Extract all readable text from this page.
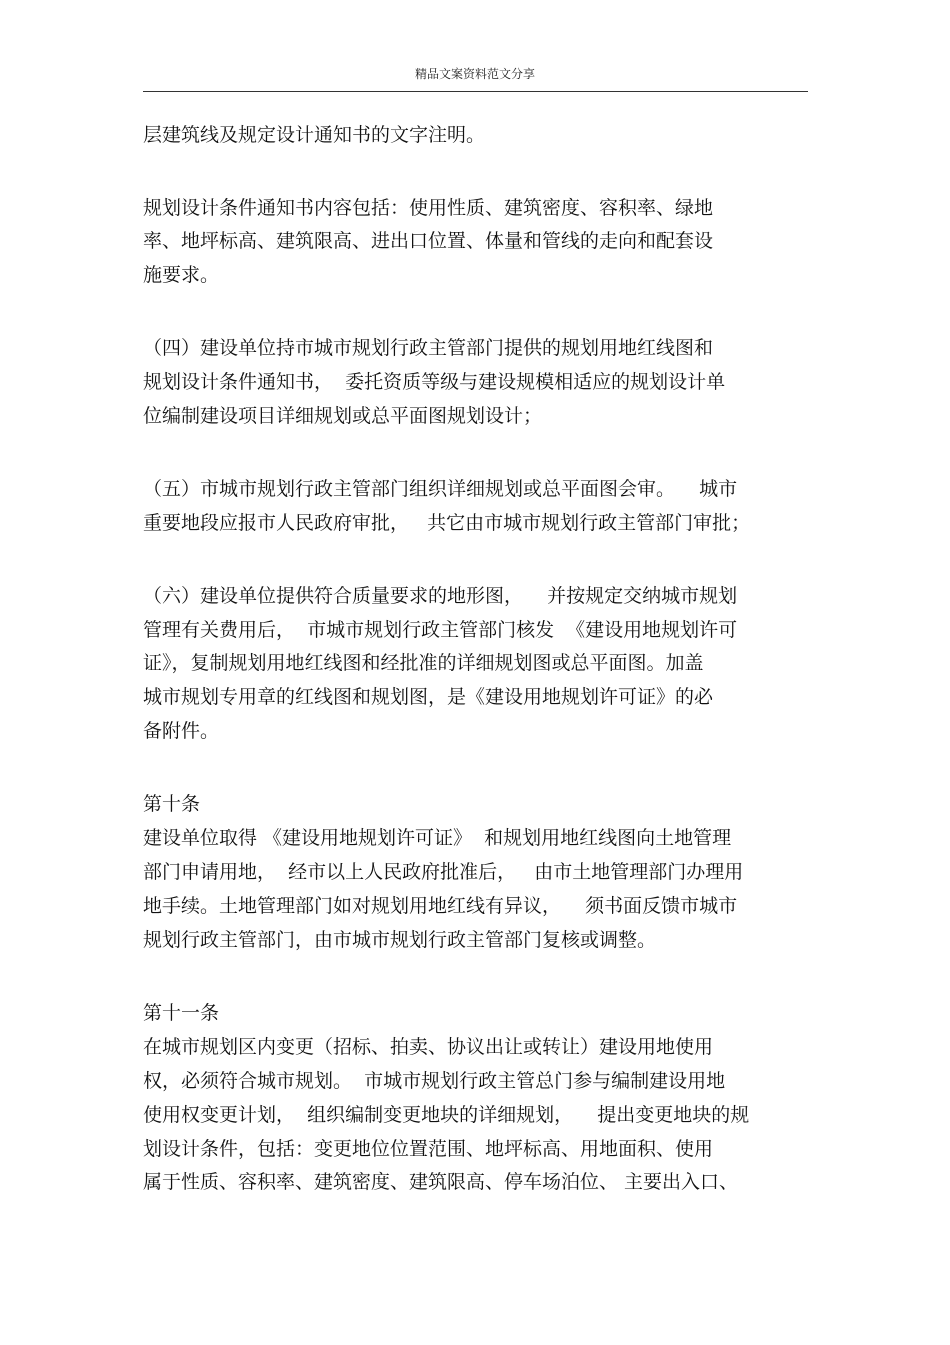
精品文案资料范文分享
层建筑线及规定设计通知书的文字注明。
规划设计条件通知书内容包括：使用性质、建筑密度、容积率、绿地
率、地坪标高、建筑限高、进出口位置、体量和管线的走向和配套设
施要求。
（四）建设单位持市城市规划行政主管部门提供的规划用地红线图和
规划设计条件通知书，  委托资质等级与建设规模相适应的规划设计单
位编制建设项目详细规划或总平面图规划设计；
（五）市城市规划行政主管部门组织详细规划或总平面图会审。    城市
重要地段应报市人民政府审批，   共它由市城市规划行政主管部门审批；
（六）建设单位提供符合质量要求的地形图，    并按规定交纳城市规划
管理有关费用后，  市城市规划行政主管部门核发  《建设用地规划许可
证》，复制规划用地红线图和经批准的详细规划图或总平面图。加盖
城市规划专用章的红线图和规划图，是《建设用地规划许可证》的必
备附件。
第十条
建设单位取得 《建设用地规划许可证》  和规划用地红线图向土地管理
部门申请用地，  经市以上人民政府批准后，   由市土地管理部门办理用
地手续。土地管理部门如对规划用地红线有异议，    须书面反馈市城市
规划行政主管部门，由市城市规划行政主管部门复核或调整。
第十一条
在城市规划区内变更（招标、拍卖、协议出让或转让）建设用地使用
权，必须符合城市规划。  市城市规划行政主管总门参与编制建设用地
使用权变更计划，  组织编制变更地块的详细规划，    提出变更地块的规
划设计条件，包括：变更地位位置范围、地坪标高、用地面积、使用
属于性质、容积率、建筑密度、建筑限高、停车场泊位、 主要出入口、
